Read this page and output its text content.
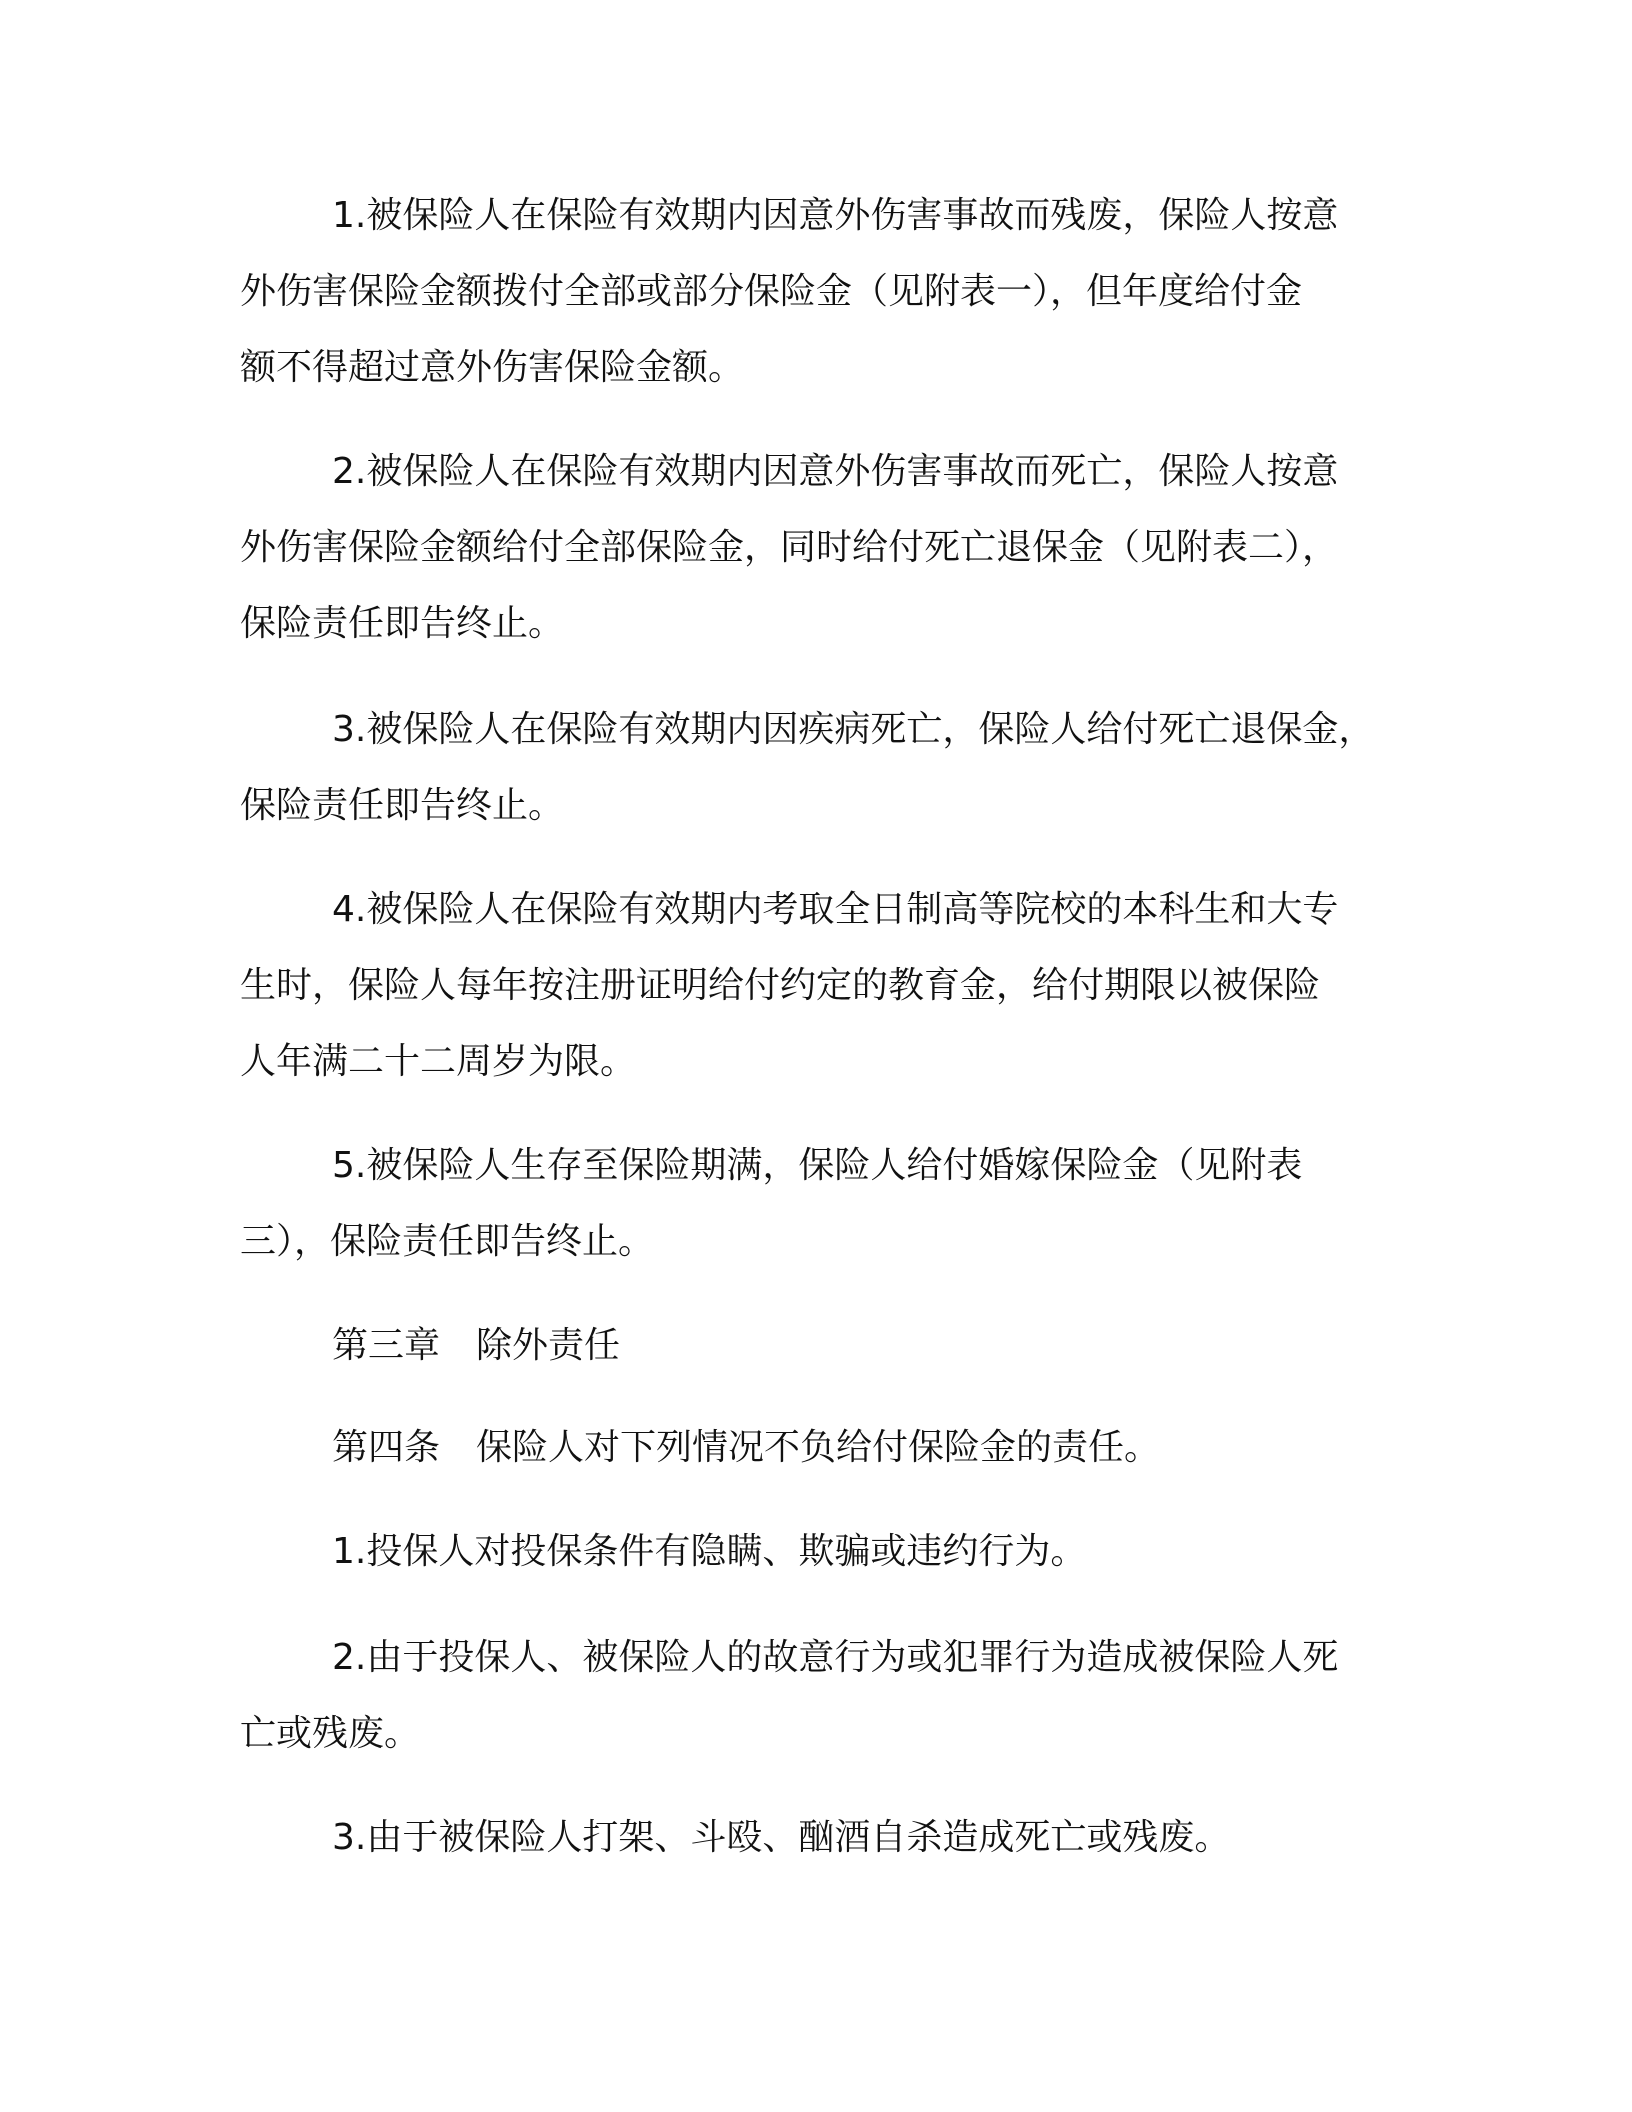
1.被保险人在保险有效期内因意外伤害事故而残废，保险人按意
外伤害保险金额拨付全部或部分保险金（见附表一），但年度给付金
额不得超过意外伤害保险金额。
2.被保险人在保险有效期内因意外伤害事故而死亡，保险人按意
外伤害保险金额给付全部保险金，同时给付死亡退保金（见附表二），
保险责任即告终止。
3.被保险人在保险有效期内因疾病死亡，保险人给付死亡退保金，
保险责任即告终止。
4.被保险人在保险有效期内考取全日制高等院校的本科生和大专
生时，保险人每年按注册证明给付约定的教育金，给付期限以被保险
人年满二十二周岁为限。
5.被保险人生存至保险期满，保险人给付婚嫁保险金（见附表
三），保险责任即告终止。
第三章　除外责任
第四条　保险人对下列情况不负给付保险金的责任。
1.投保人对投保条件有隐瞒、欺骗或违约行为。
2.由于投保人、被保险人的故意行为或犯罪行为造成被保险人死
亡或残废。
3.由于被保险人打架、斗殴、酗酒自杀造成死亡或残废。
